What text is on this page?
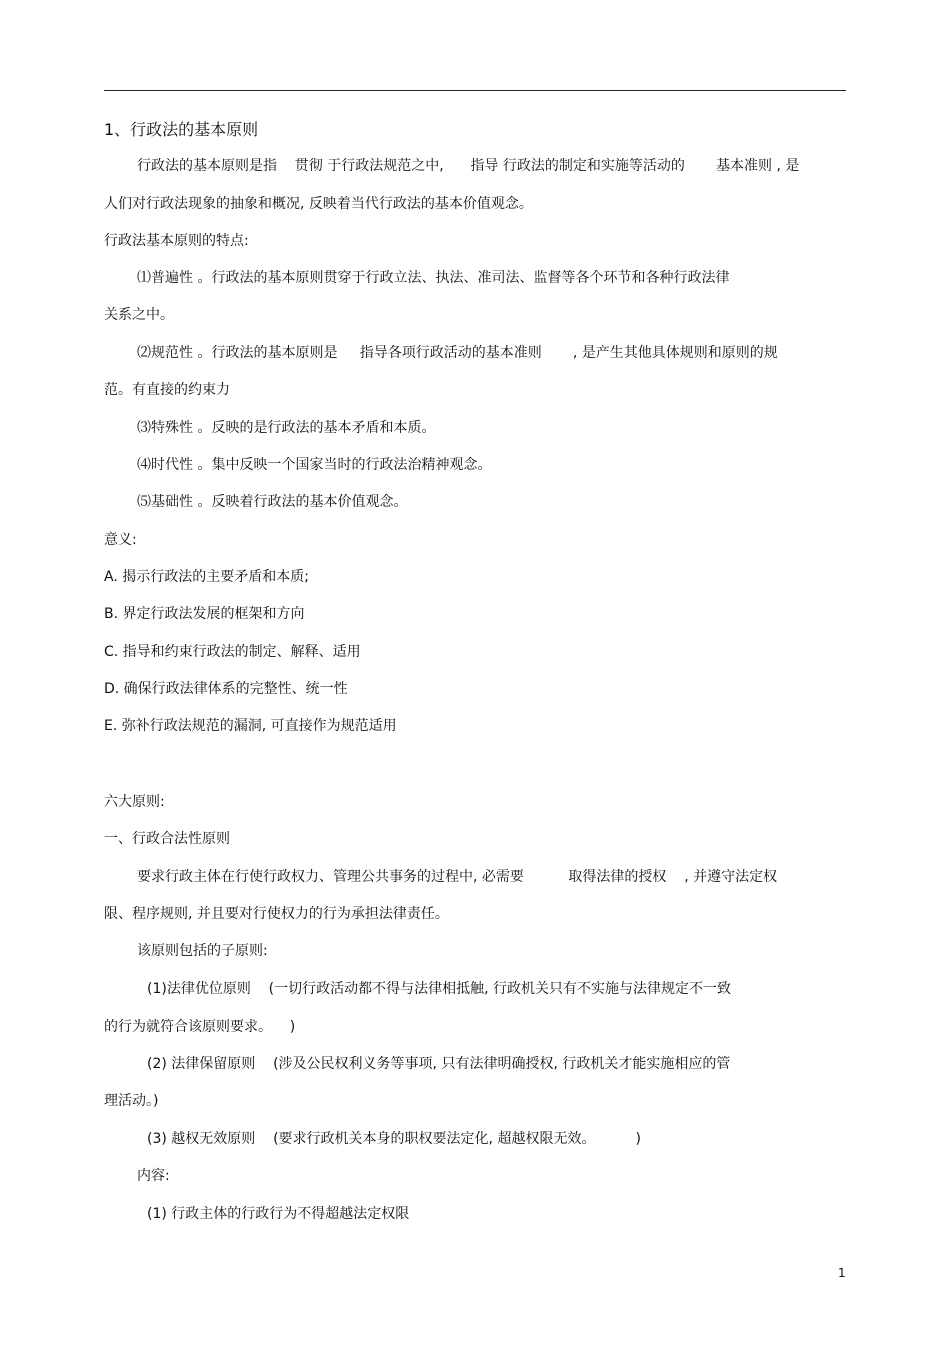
1、行政法的基本原则
行政法的基本原则是指    贯彻 于行政法规范之中,      指导 行政法的制定和实施等活动的       基本准则 , 是
人们对行政法现象的抽象和概况, 反映着当代行政法的基本价值观念。
行政法基本原则的特点:
⑴普遍性 。行政法的基本原则贯穿于行政立法、执法、准司法、监督等各个环节和各种行政法律
关系之中。
⑵规范性 。行政法的基本原则是     指导各项行政活动的基本准则       , 是产生其他具体规则和原则的规
范。有直接的约束力
⑶特殊性 。反映的是行政法的基本矛盾和本质。
⑷时代性 。集中反映一个国家当时的行政法治精神观念。
⑸基础性 。反映着行政法的基本价值观念。
意义:
A. 揭示行政法的主要矛盾和本质;
B. 界定行政法发展的框架和方向
C. 指导和约束行政法的制定、解释、适用
D. 确保行政法律体系的完整性、统一性
E. 弥补行政法规范的漏洞, 可直接作为规范适用
六大原则:
一、行政合法性原则
要求行政主体在行使行政权力、管理公共事务的过程中, 必需要          取得法律的授权    , 并遵守法定权
限、程序规则, 并且要对行使权力的行为承担法律责任。
该原则包括的子原则:
(1)法律优位原则    (一切行政活动都不得与法律相抵触, 行政机关只有不实施与法律规定不一致
的行为就符合该原则要求。    )
(2) 法律保留原则    (涉及公民权利义务等事项, 只有法律明确授权, 行政机关才能实施相应的管
理活动。)
(3) 越权无效原则    (要求行政机关本身的职权要法定化, 超越权限无效。         )
内容:
(1) 行政主体的行政行为不得超越法定权限
1
